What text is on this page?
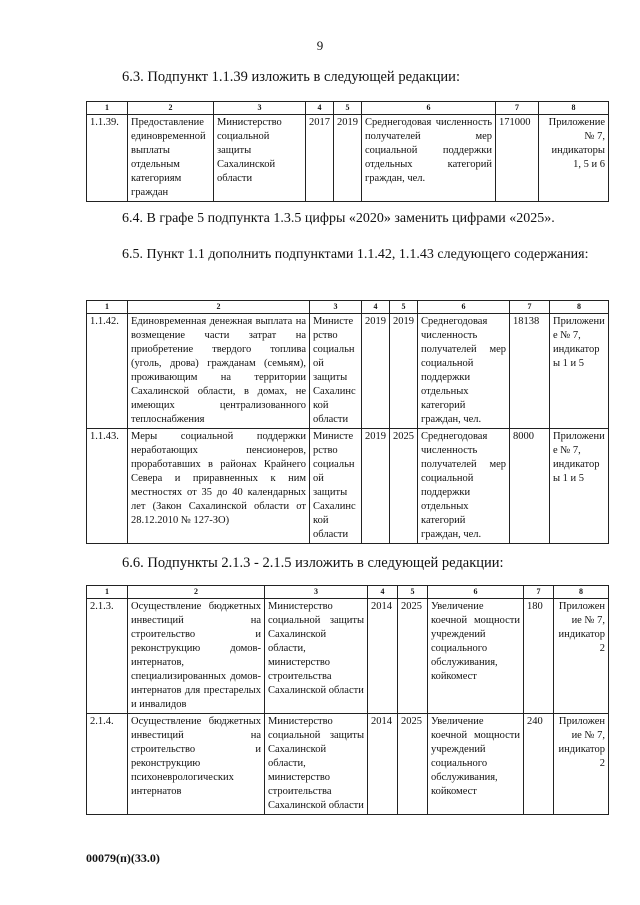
9
6.3. Подпункт 1.1.39 изложить в следующей редакции:
1	2	3	4	5	6	7	8
1.1.39.	Предоставление единовременной выплаты отдельным категориям граждан	Министерство социальной защиты Сахалинской области	2017	2019	Среднегодовая численность получателей мер социальной поддержки отдельных категорий граждан, чел.	171000	Приложение № 7, индикаторы 1, 5 и 6
6.4. В графе 5 подпункта 1.3.5 цифры «2020» заменить цифрами «2025».
6.5. Пункт 1.1 дополнить подпунктами 1.1.42, 1.1.43 следующего содержания:
1	2	3	4	5	6	7	8
1.1.42.	Единовременная денежная выплата на возмещение части затрат на приобретение твердого топлива (уголь, дрова) гражданам (семьям), проживающим на территории Сахалинской области, в домах, не имеющих централизованного теплоснабжения	Министерство социальной защиты Сахалинской области	2019	2019	Среднегодовая численность получателей мер социальной поддержки отдельных категорий граждан, чел.	18138	Приложение № 7, индикаторы 1 и 5
1.1.43.	Меры социальной поддержки неработающих пенсионеров, проработавших в районах Крайнего Севера и приравненных к ним местностях от 35 до 40 календарных лет (Закон Сахалинской области от 28.12.2010 № 127-ЗО)	Министерство социальной защиты Сахалинской области	2019	2025	Среднегодовая численность получателей мер социальной поддержки отдельных категорий граждан, чел.	8000	Приложение № 7, индикаторы 1 и 5
6.6. Подпункты 2.1.3 - 2.1.5 изложить в следующей редакции:
1	2	3	4	5	6	7	8
2.1.3.	Осуществление бюджетных инвестиций на строительство и реконструкцию домов-интернатов, специализированных домов-интернатов для престарелых и инвалидов	Министерство социальной защиты Сахалинской области, министерство строительства Сахалинской области	2014	2025	Увеличение коечной мощности учреждений социального обслуживания, койкомест	180	Приложение № 7, индикатор 2
2.1.4.	Осуществление бюджетных инвестиций на строительство и реконструкцию психоневрологических интернатов	Министерство социальной защиты Сахалинской области, министерство строительства Сахалинской области	2014	2025	Увеличение коечной мощности учреждений социального обслуживания, койкомест	240	Приложение № 7, индикатор 2
00079(п)(33.0)
